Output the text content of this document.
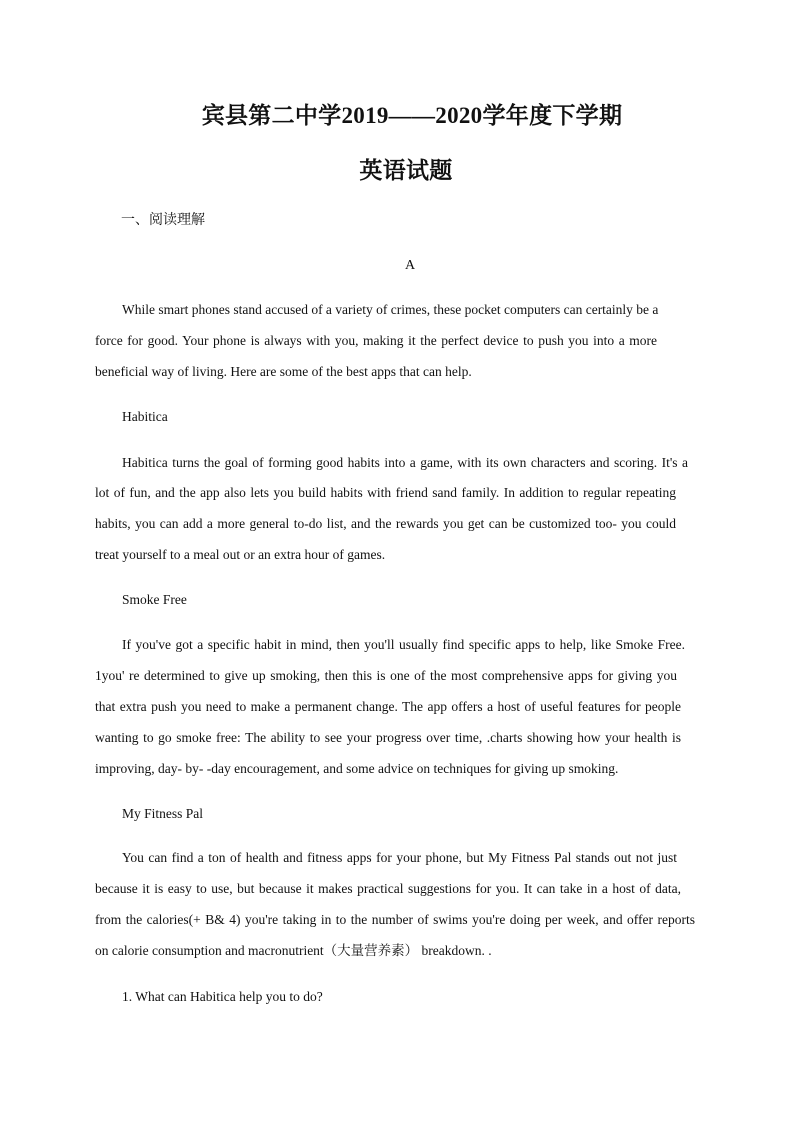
宾县第二中学2019——2020学年度下学期
英语试题
一、阅读理解
A
While smart phones stand accused of a variety of crimes, these pocket computers can certainly be a
force for good. Your phone is always with you, making it the perfect device to push you into a more
beneficial way of living. Here are some of the best apps that can help.
Habitica
Habitica turns the goal of forming good habits into a game, with its own characters and scoring. It's a
lot of fun, and the app also lets you build habits with friend sand family. In addition to regular repeating
habits, you can add a more general to-do list, and the rewards you get can be customized too- you could
treat yourself to a meal out or an extra hour of games.
Smoke Free
If you've got a specific habit in mind, then you'll usually find specific apps to help, like Smoke Free.
1you' re determined to give up smoking, then this is one of the most comprehensive apps for giving you
that extra push you need to make a permanent change. The app offers a host of useful features for people
wanting to go smoke free: The ability to see your progress over time, .charts showing how your health is
improving, day- by- -day encouragement, and some advice on techniques for giving up smoking.
My Fitness Pal
You can find a ton of health and fitness apps for your phone, but My Fitness Pal stands out not just
because it is easy to use, but because it makes practical suggestions for you. It can take in a host of data,
from the calories(+ B& 4) you're taking in to the number of swims you're doing per week, and offer reports
on calorie consumption and macronutrient（大量营养素） breakdown. .
1. What can Habitica help you to do?
